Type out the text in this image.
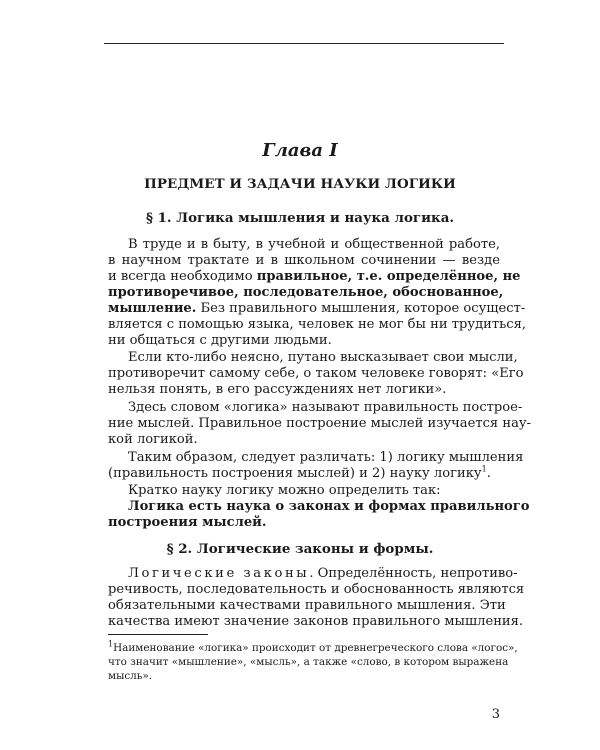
Глава I
ПРЕДМЕТ И ЗАДАЧИ НАУКИ ЛОГИКИ
§ 1. Логика мышления и наука логика.
В труде и в быту, в учебной и общественной работе,
в научном трактате и в школьном сочинении — везде
и всегда необходимо правильное, т.е. определённое, не
противоречивое, последовательное, обоснованное,
мышление. Без правильного мышления, которое осущест-
вляется с помощью языка, человек не мог бы ни трудиться,
ни общаться с другими людьми.
Если кто-либо неясно, путано высказывает свои мысли,
противоречит самому себе, о таком человеке говорят: «Его
нельзя понять, в его рассуждениях нет логики».
Здесь словом «логика» называют правильность построе-
ние мыслей. Правильное построение мыслей изучается нау-
кой логикой.
Таким образом, следует различать: 1) логику мышления
(правильность построения мыслей) и 2) науку логику$^1$.
Кратко науку логику можно определить так:
Логика есть наука о законах и формах правильного
построения мыслей.
§ 2. Логические законы и формы.
Логические законы. Определённость, непротиво-
речивость, последовательность и обоснованность являются
обязательными качествами правильного мышления. Эти
качества имеют значение законов правильного мышления.
$^1$Наименование «логика» происходит от древнегреческого слова «логос»,
что значит «мышление», «мысль», а также «слово, в котором выражена
мысль».
3
